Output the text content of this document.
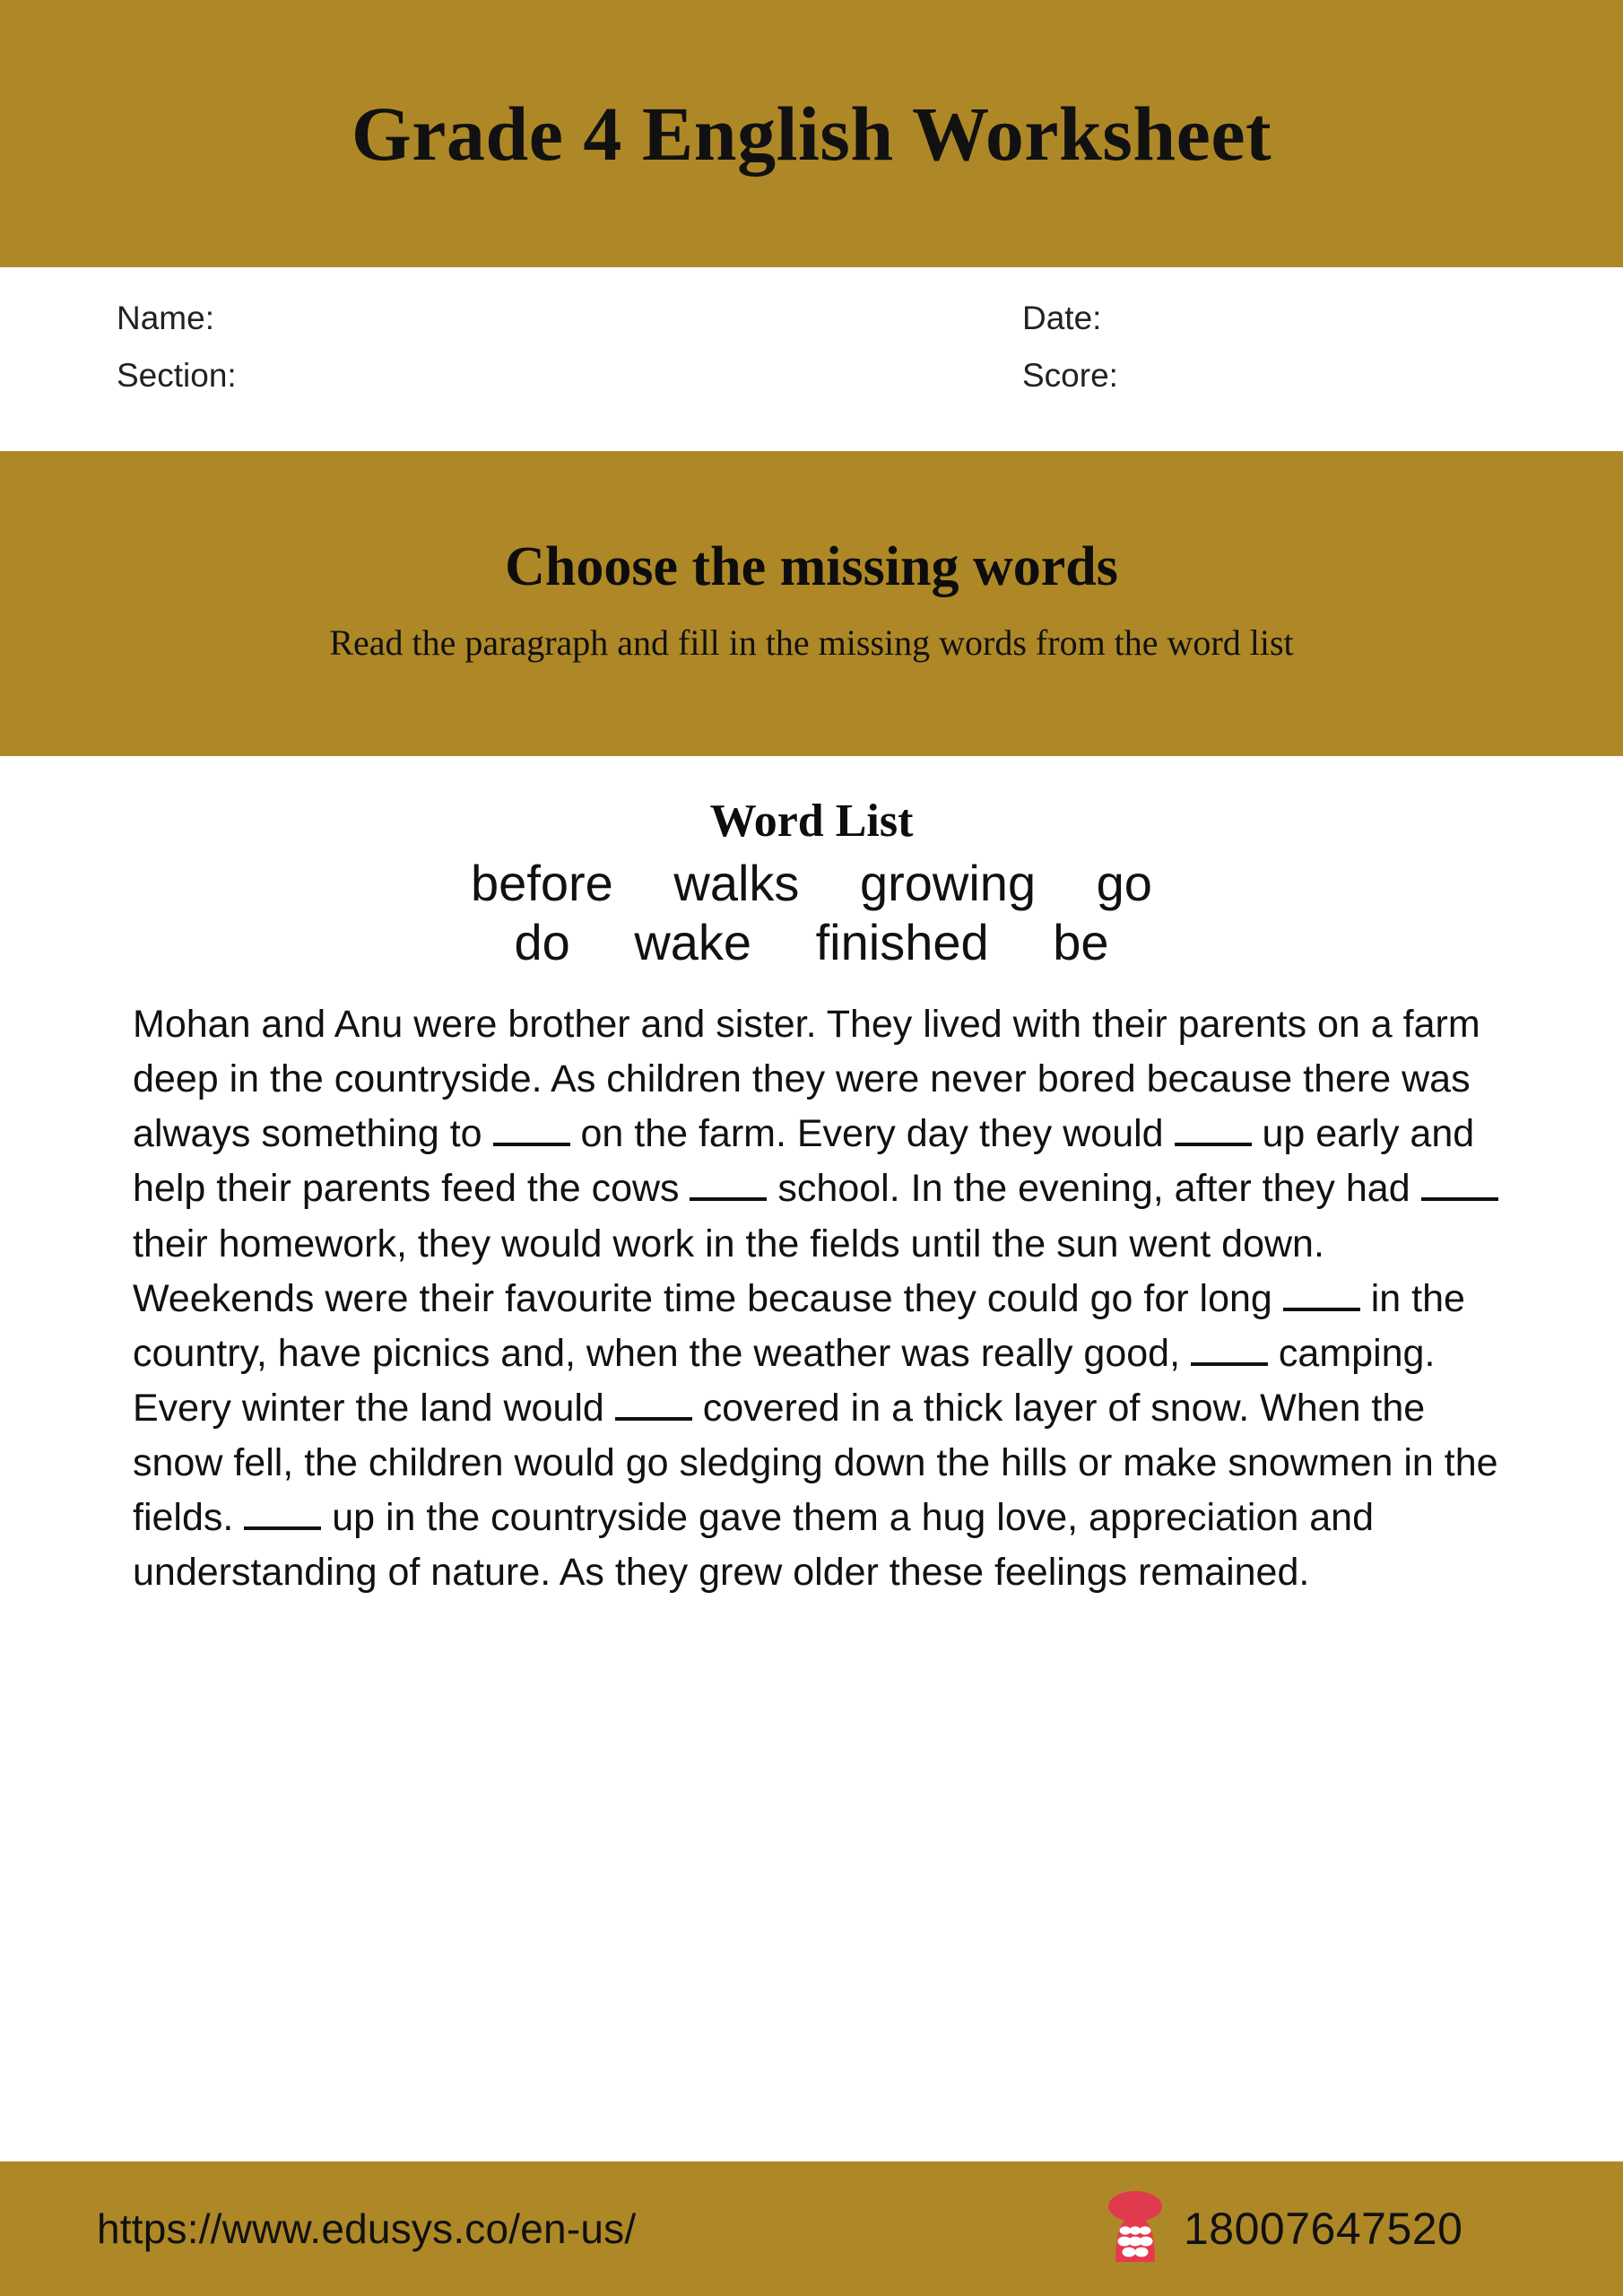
Grade 4 English Worksheet
Name:	Date:
Section:	Score:
Choose the missing words

Read the paragraph and fill in the missing words from the word list

Word List
before walks growing go
do wake finished be

Mohan and Anu were brother and sister. They lived with their parents on a farm deep in the countryside. As children they were never bored because there was always something to  on the farm. Every day they would  up early and help their parents feed the cows  school. In the evening, after they had  their homework, they would work in the fields until the sun went down. Weekends were their favourite time because they could go for long  in the country, have picnics and, when the weather was really good,  camping. Every winter the land would  covered in a thick layer of snow. When the snow fell, the children would go sledging down the hills or make snowmen in the fields.  up in the countryside gave them a hug love, appreciation and understanding of nature. As they grew older these feelings remained.

https://www.edusys.co/en-us/	18007647520
